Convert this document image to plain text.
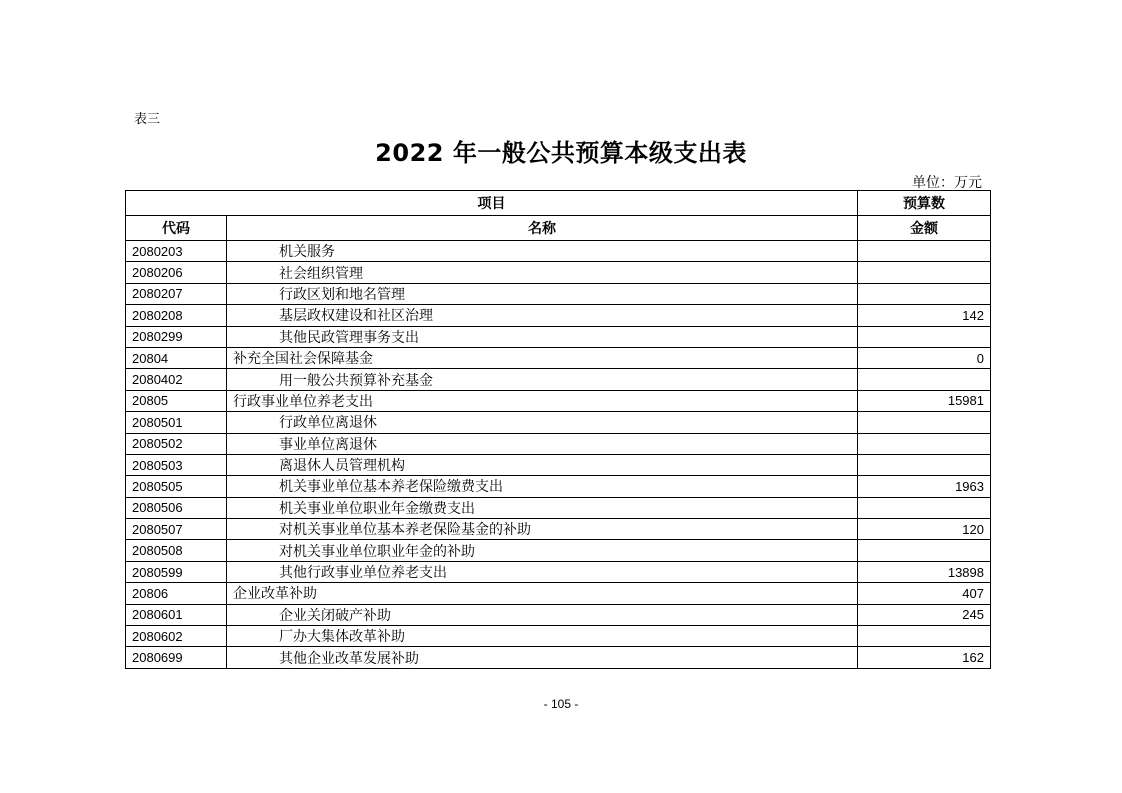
表三
2022 年一般公共预算本级支出表
单位：万元
项目		预算数
代码	名称	金额
2080203	机关服务	
2080206	社会组织管理	
2080207	行政区划和地名管理	
2080208	基层政权建设和社区治理	142
2080299	其他民政管理事务支出	
20804	补充全国社会保障基金	0
2080402	用一般公共预算补充基金	
20805	行政事业单位养老支出	15981
2080501	行政单位离退休	
2080502	事业单位离退休	
2080503	离退休人员管理机构	
2080505	机关事业单位基本养老保险缴费支出	1963
2080506	机关事业单位职业年金缴费支出	
2080507	对机关事业单位基本养老保险基金的补助	120
2080508	对机关事业单位职业年金的补助	
2080599	其他行政事业单位养老支出	13898
20806	企业改革补助	407
2080601	企业关闭破产补助	245
2080602	厂办大集体改革补助	
2080699	其他企业改革发展补助	162
- 105 -
